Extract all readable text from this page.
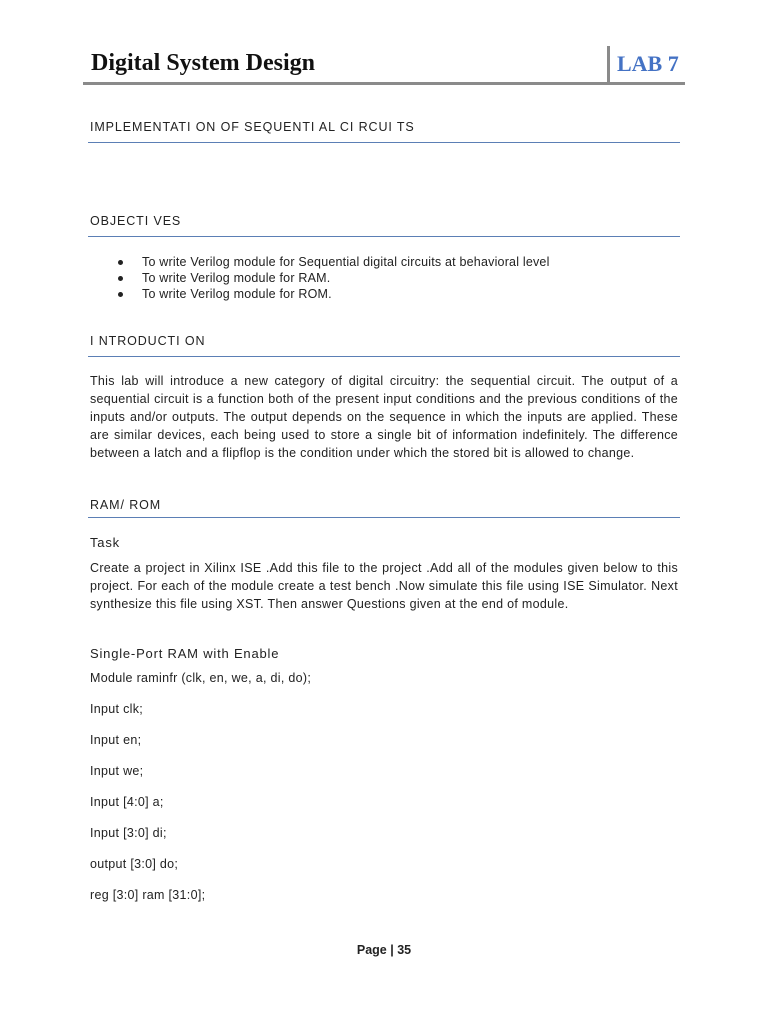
Digital System Design	LAB 7
IMPLEMENTATI ON OF SEQUENTI AL CI RCUI TS
OBJECTI VES
To write Verilog module for Sequential digital circuits at behavioral level
To write Verilog module for RAM.
To write Verilog module for ROM.
I NTRODUCTI ON

This lab will introduce a new category of digital circuitry: the sequential circuit. The output of a sequential circuit is a function both of the present input conditions and the previous conditions of the inputs and/or outputs. The output depends on the sequence in which the inputs are applied. These are similar devices, each being used to store a single bit of information indefinitely. The difference between a latch and a flipflop is the condition under which the stored bit is allowed to change.

RAM/ ROM
Task

Create a project in Xilinx ISE .Add this file to the project .Add all of the modules given below to this project. For each of the module create a test bench .Now simulate this file using ISE Simulator. Next synthesize this file using XST. Then answer Questions given at the end of module.

Single-Port RAM with Enable
Module raminfr (clk, en, we, a, di, do);
Input clk;
Input en;
Input we;
Input [4:0] a;
Input [3:0] di;
output [3:0] do;
reg [3:0] ram [31:0];
Page | 35
